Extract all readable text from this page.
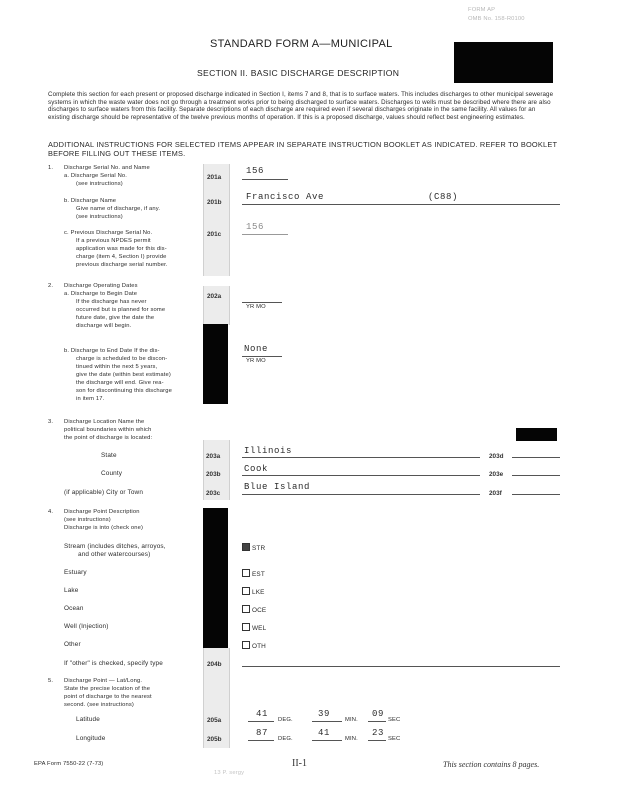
FORM AP
OMB No. 158-R0100
STANDARD FORM A—MUNICIPAL
SECTION II. BASIC DISCHARGE DESCRIPTION
Complete this section for each present or proposed discharge indicated in Section I, items 7 and 8, that is to surface waters. This includes discharges to other municipal sewerage systems in which the waste water does not go through a treatment works prior to being discharged to surface waters. Discharges to wells must be described where there are also discharges to surface waters from this facility. Separate descriptions of each discharge are required even if several discharges originate in the same facility. All values for an existing discharge should be representative of the twelve previous months of operation. If this is a proposed discharge, values should reflect best engineering estimates.
ADDITIONAL INSTRUCTIONS FOR SELECTED ITEMS APPEAR IN SEPARATE INSTRUCTION BOOKLET AS INDICATED. REFER TO BOOKLET BEFORE FILLING OUT THESE ITEMS.
1. Discharge Serial No. and Name
a. Discharge Serial No.
(see instructions)
201a
156
b. Discharge Name
Give name of discharge, if any.
(see instructions)
201b
Francisco Ave	(C88)
c. Previous Discharge Serial No.
If a previous NPDES permit
application was made for this dis-
charge (item 4, Section I) provide
previous discharge serial number.
201c
156
2. Discharge Operating Dates
a. Discharge to Begin Date
If the discharge has never
occurred but is planned for some
future date, give the date the
discharge will begin.
202a
YR MO
b. Discharge to End Date If the dis-
charge is scheduled to be discon-
tinued within the next 5 years,
give the date (within best estimate)
the discharge will end. Give rea-
son for discontinuing this discharge
in item 17.
None
YR MO
3. Discharge Location Name the
political boundaries within which
the point of discharge is located:
State	203a
Illinois
203d
County	203b
Cook
203e
(if applicable) City or Town	203c
Blue Island
203f
4. Discharge Point Description
(see instructions)
Discharge is into (check one)
Stream (includes ditches, arroyos,
and other watercourses)
STR
Estuary	EST
Lake	LKE
Ocean	OCE
Well (Injection)	WEL
Other	OTH
If "other" is checked, specify type	204b
5. Discharge Point — Lat/Long.
State the precise location of the
point of discharge to the nearest
second. (see instructions)
Latitude	205a
41
DEG.
39
MIN.
09
SEC
Longitude	205b
87
DEG.
41
MIN.
23
SEC
EPA Form 7550-22 (7-73)	II-1	This section contains 8 pages.
13 P. sergy
